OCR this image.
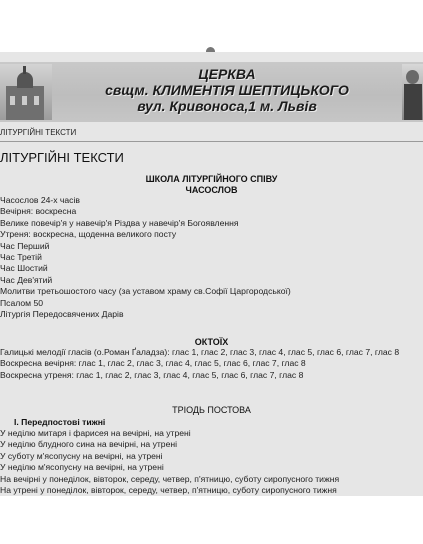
ЦЕРКВА
свщм. КЛИМЕНТІЯ ШЕПТИЦЬКОГО
вул. Кривоноса,1 м. Львів
ЛІТУРГІЙНІ ТЕКСТИ
ЛІТУРГІЙНІ ТЕКСТИ
ШКОЛА ЛІТУРГІЙНОГО СПІВУ
ЧАСОСЛОВ
Часослов 24-х часів
Вечірня: воскресна
Велике повечір'я у навечір'я Різдва у навечір'я Богоявлення
Утреня: воскресна, щоденна великого посту
Час Перший
Час Третій
Час Шостий
Час Дев'ятий
Молитви третьошостого часу (за уставом храму св.Софії Царгородської)
Псалом 50
Літургія Передосвячених Дарів
ОКТОЇХ
Галицькі мелодії гласів (о.Роман Ґаладза): глас 1, глас 2, глас 3, глас 4, глас 5, глас 6, глас 7, глас 8
Воскресна вечірня: глас 1, глас 2, глас 3, глас 4, глас 5, глас 6, глас 7, глас 8
Воскресна утреня: глас 1, глас 2, глас 3, глас 4, глас 5, глас 6, глас 7, глас 8
ТРІОДЬ ПОСТОВА
І. Передпостові тижні
У неділю митаря і фарисея на вечірні, на утрені
У неділю блудного сина на вечірні, на утрені
У суботу м'ясопусну на вечірні, на утрені
У неділю м'ясопусну на вечірні, на утрені
На вечірні у понеділок, вівторок, середу, четвер, п'ятницю, суботу сиропусного тижня
На утрені у понеділок, вівторок, середу, четвер, п'ятницю, суботу сиропусного тижня
